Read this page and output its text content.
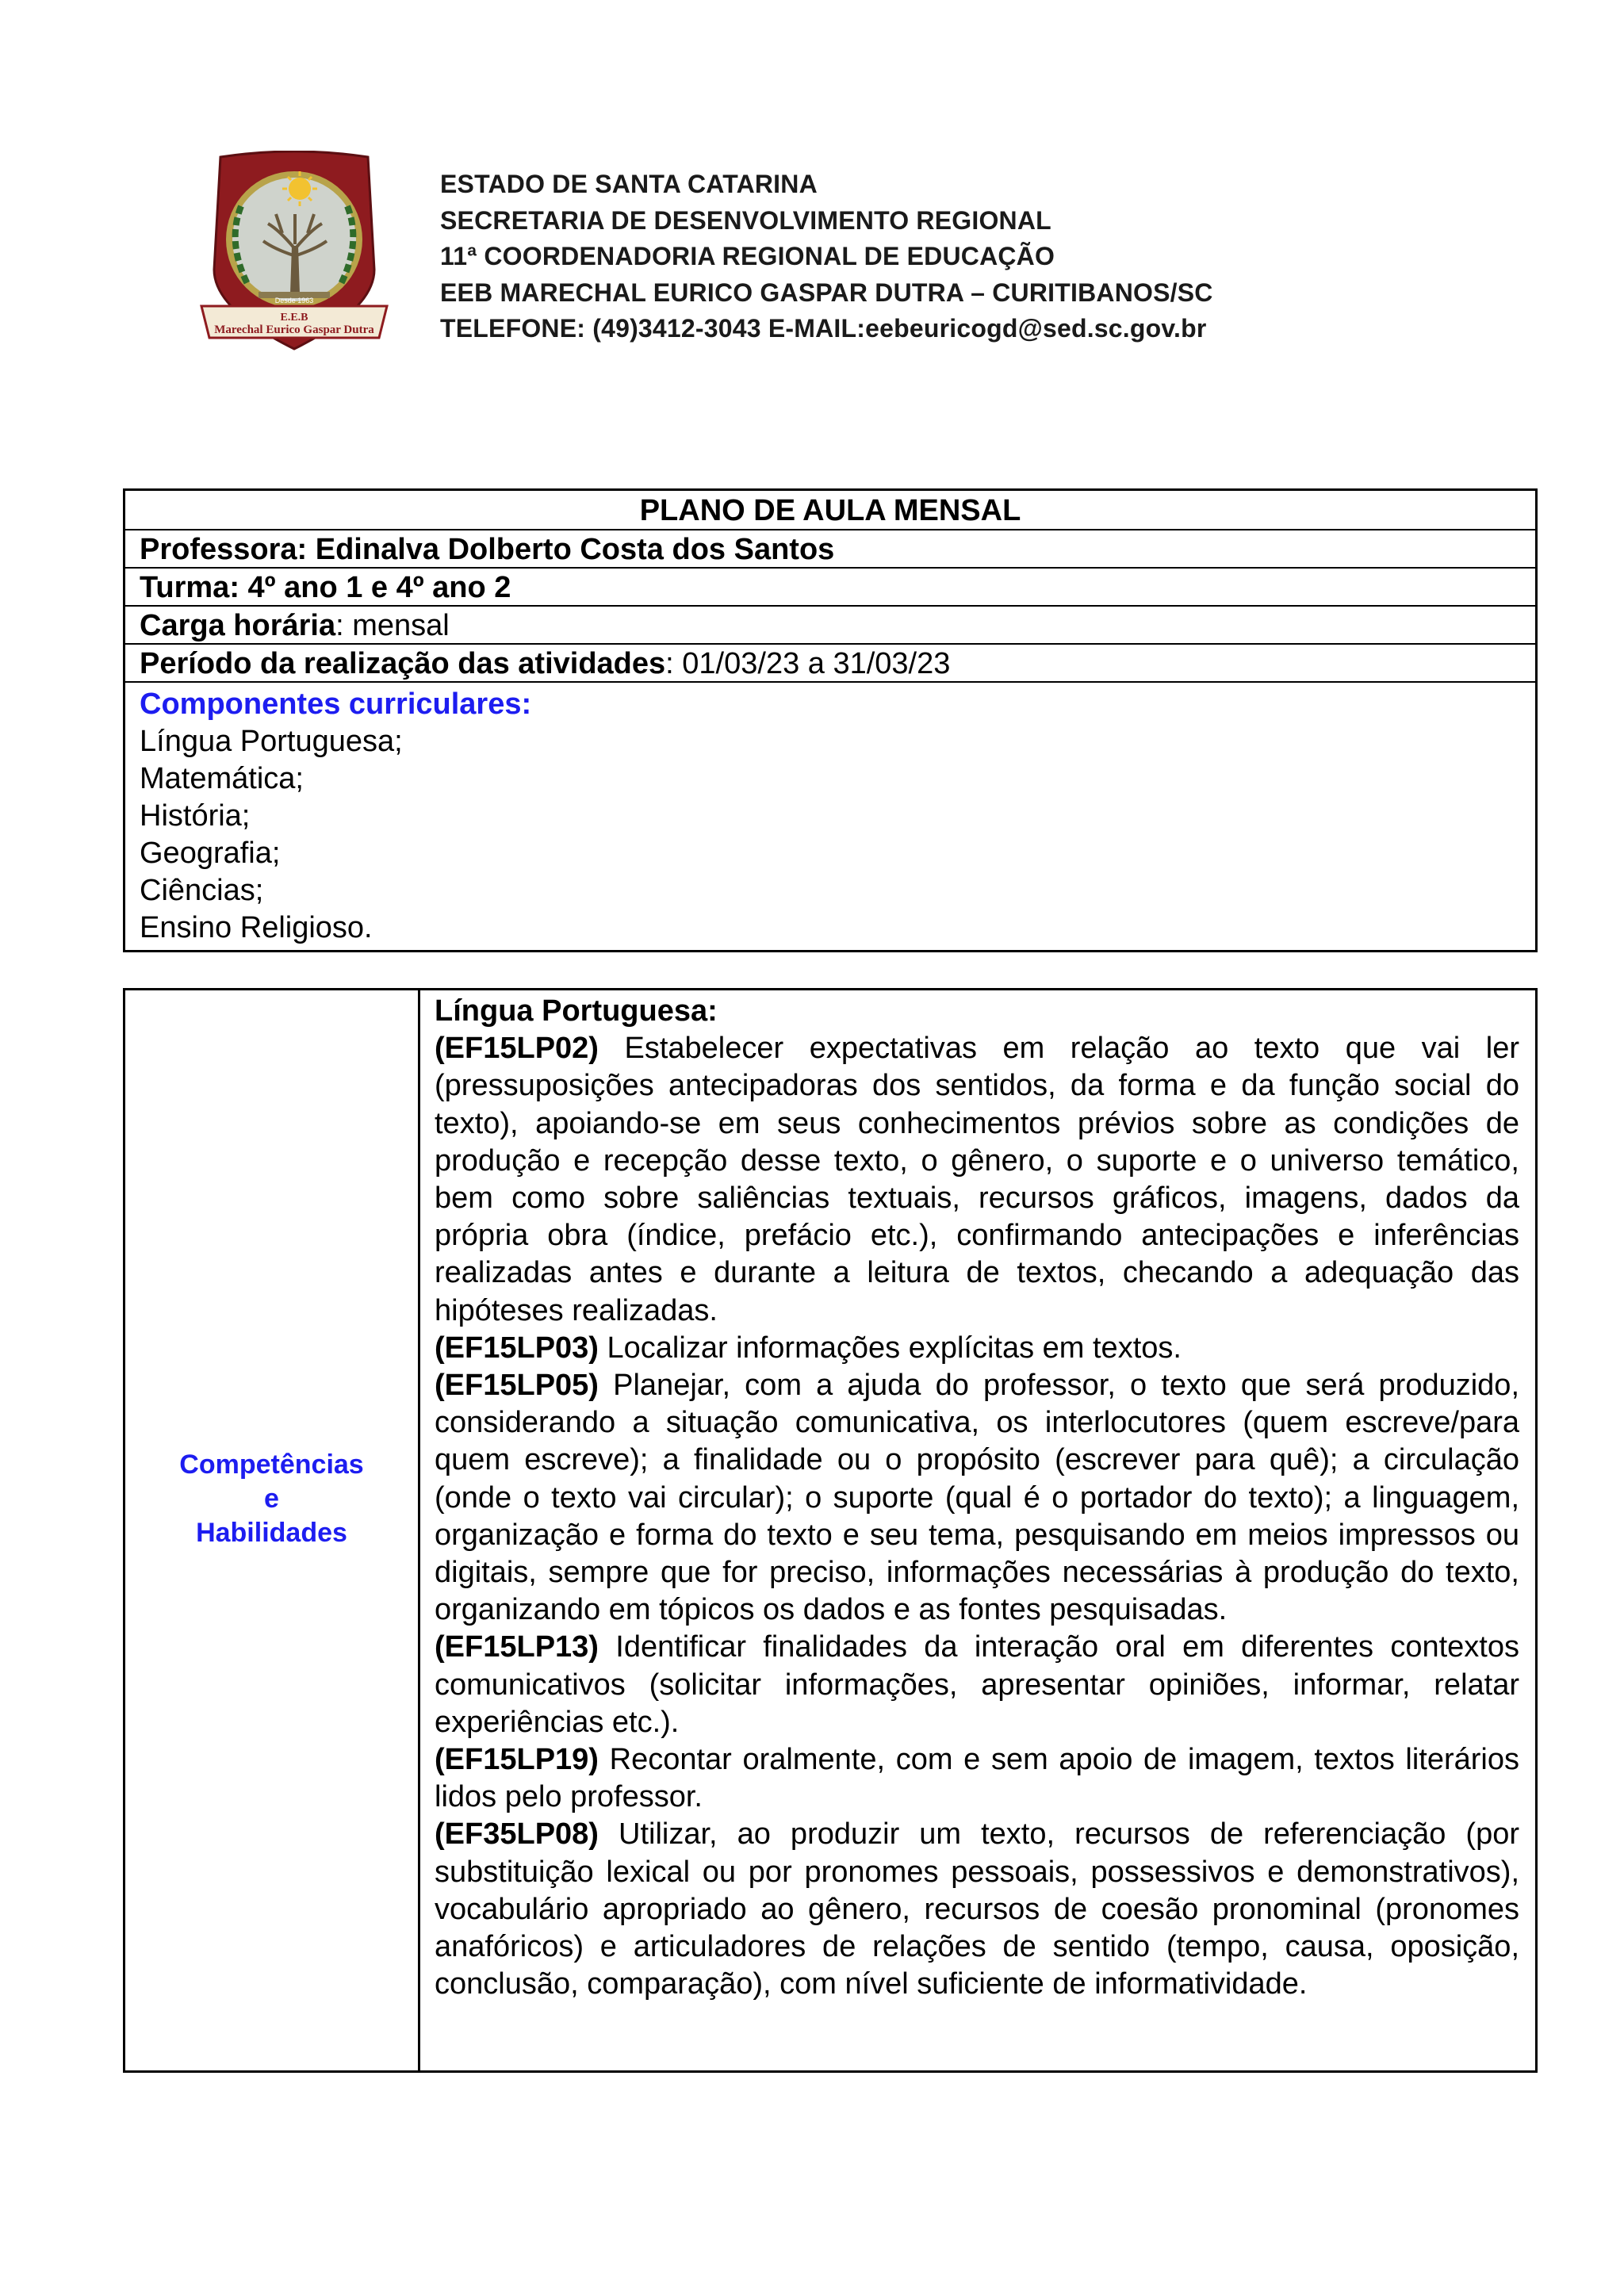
Desde 1963
E.E.B
Marechal Eurico Gaspar Dutra
ESTADO DE SANTA CATARINA
SECRETARIA DE DESENVOLVIMENTO REGIONAL
11ª COORDENADORIA REGIONAL DE EDUCAÇÃO
EEB MARECHAL EURICO GASPAR DUTRA – CURITIBANOS/SC
TELEFONE: (49)3412-3043 E-MAIL:eebeuricogd@sed.sc.gov.br
PLANO DE AULA MENSAL
Professora: Edinalva Dolberto Costa dos Santos
Turma: 4º ano 1 e 4º ano 2
Carga horária: mensal
Período da realização das atividades: 01/03/23 a 31/03/23
Componentes curriculares:
Língua Portuguesa;
Matemática;
História;
Geografia;
Ciências;
Ensino Religioso.
Competências
e
Habilidades
Língua Portuguesa:
(EF15LP02) Estabelecer expectativas em relação ao texto que vai ler (pressuposições antecipadoras dos sentidos, da forma e da função social do texto), apoiando-se em seus conhecimentos prévios sobre as condições de produção e recepção desse texto, o gênero, o suporte e o universo temático, bem como sobre saliências textuais, recursos gráficos, imagens, dados da própria obra (índice, prefácio etc.), confirmando antecipações e inferências realizadas antes e durante a leitura de textos, checando a adequação das hipóteses realizadas.
(EF15LP03) Localizar informações explícitas em textos.
(EF15LP05) Planejar, com a ajuda do professor, o texto que será produzido, considerando a situação comunicativa, os interlocutores (quem escreve/para quem escreve); a finalidade ou o propósito (escrever para quê); a circulação (onde o texto vai circular); o suporte (qual é o portador do texto); a linguagem, organização e forma do texto e seu tema, pesquisando em meios impressos ou digitais, sempre que for preciso, informações necessárias à produção do texto, organizando em tópicos os dados e as fontes pesquisadas.
(EF15LP13) Identificar finalidades da interação oral em diferentes contextos comunicativos (solicitar informações, apresentar opiniões, informar, relatar experiências etc.).
(EF15LP19) Recontar oralmente, com e sem apoio de imagem, textos literários lidos pelo professor.
(EF35LP08) Utilizar, ao produzir um texto, recursos de referenciação (por substituição lexical ou por pronomes pessoais, possessivos e demonstrativos), vocabulário apropriado ao gênero, recursos de coesão pronominal (pronomes anafóricos) e articuladores de relações de sentido (tempo, causa, oposição, conclusão, comparação), com nível suficiente de informatividade.
